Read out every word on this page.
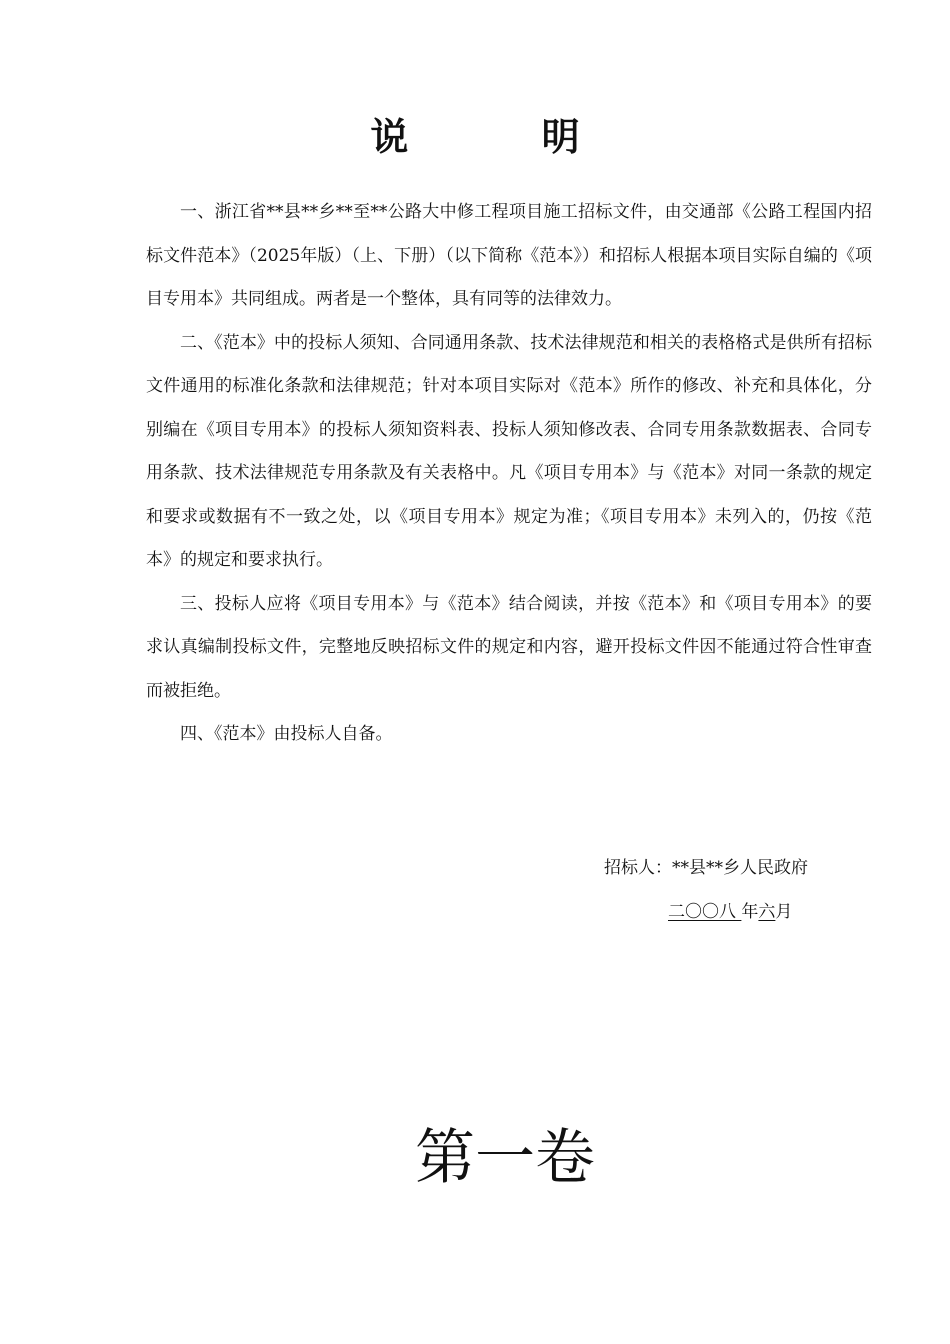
说 明

一、浙江省**县**乡**至**公路大中修工程项目施工招标文件，由交通部《公路工程国内招标文件范本》（2025年版）（上、下册）（以下简称《范本》）和招标人根据本项目实际自编的《项目专用本》共同组成。两者是一个整体，具有同等的法律效力。

二、《范本》中的投标人须知、合同通用条款、技术法律规范和相关的表格格式是供所有招标文件通用的标准化条款和法律规范；针对本项目实际对《范本》所作的修改、补充和具体化，分别编在《项目专用本》的投标人须知资料表、投标人须知修改表、合同专用条款数据表、合同专用条款、技术法律规范专用条款及有关表格中。凡《项目专用本》与《范本》对同一条款的规定和要求或数据有不一致之处，以《项目专用本》规定为准；《项目专用本》未列入的，仍按《范本》的规定和要求执行。

三、投标人应将《项目专用本》与《范本》结合阅读，并按《范本》和《项目专用本》的要求认真编制投标文件，完整地反映招标文件的规定和内容，避开投标文件因不能通过符合性审查而被拒绝。

四、《范本》由投标人自备。

招标人：**县**乡人民政府
二〇〇八 年六月
第一卷
